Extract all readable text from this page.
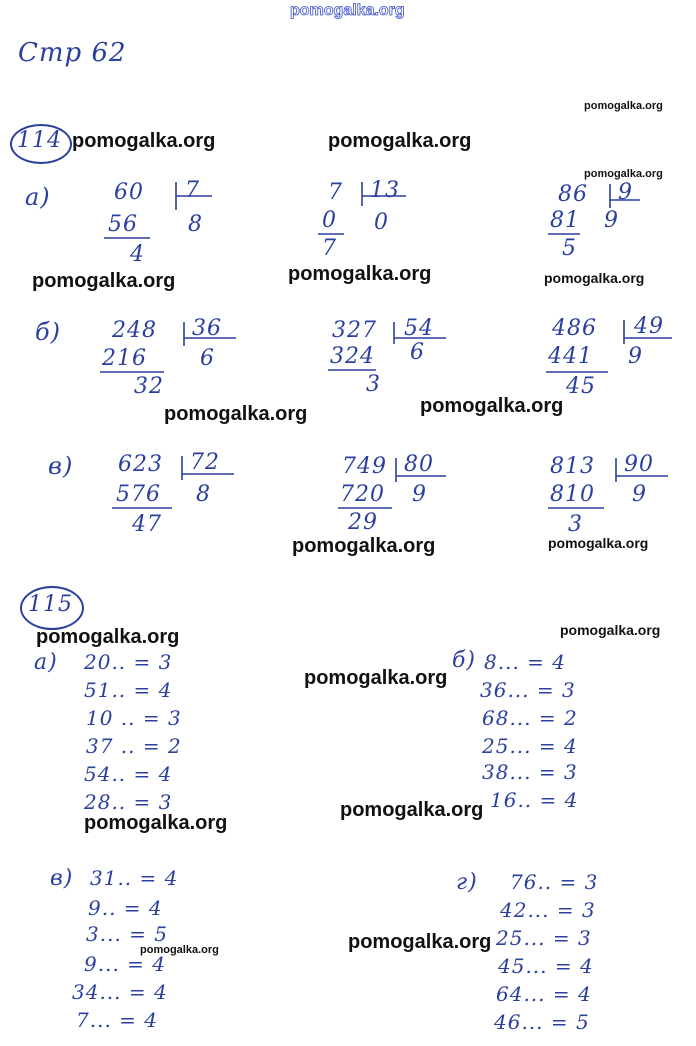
pomogalka.org
Стр 62
114
а)
б)
в)
60 7
56 8
4
7 13
0 0
7
86 9
81 9
5
248 36
216 6
32
327 54
324 6
3
486 49
441 9
45
623 72
576 8
47
749 80
720 9
29
813 90
810 9
3
115
а)	б)
в)	г)
20.. = 3
51.. = 4
10 .. = 3
37 .. = 2
54.. = 4
28.. = 3
8... = 4
36... = 3
68... = 2
25... = 4
38... = 3
16.. = 4
31.. = 4
9.. = 4
3... = 5
9... = 4
34... = 4
7... = 4
76.. = 3
42... = 3
25... = 3
45... = 4
64... = 4
46... = 5
pomogalka.org
pomogalka.org	pomogalka.org
pomogalka.org
pomogalka.org	pomogalka.org	pomogalka.org
pomogalka.org	pomogalka.org
pomogalka.org	pomogalka.org
pomogalka.org	pomogalka.org
pomogalka.org
pomogalka.org
pomogalka.org
pomogalka.org
pomogalka.org
